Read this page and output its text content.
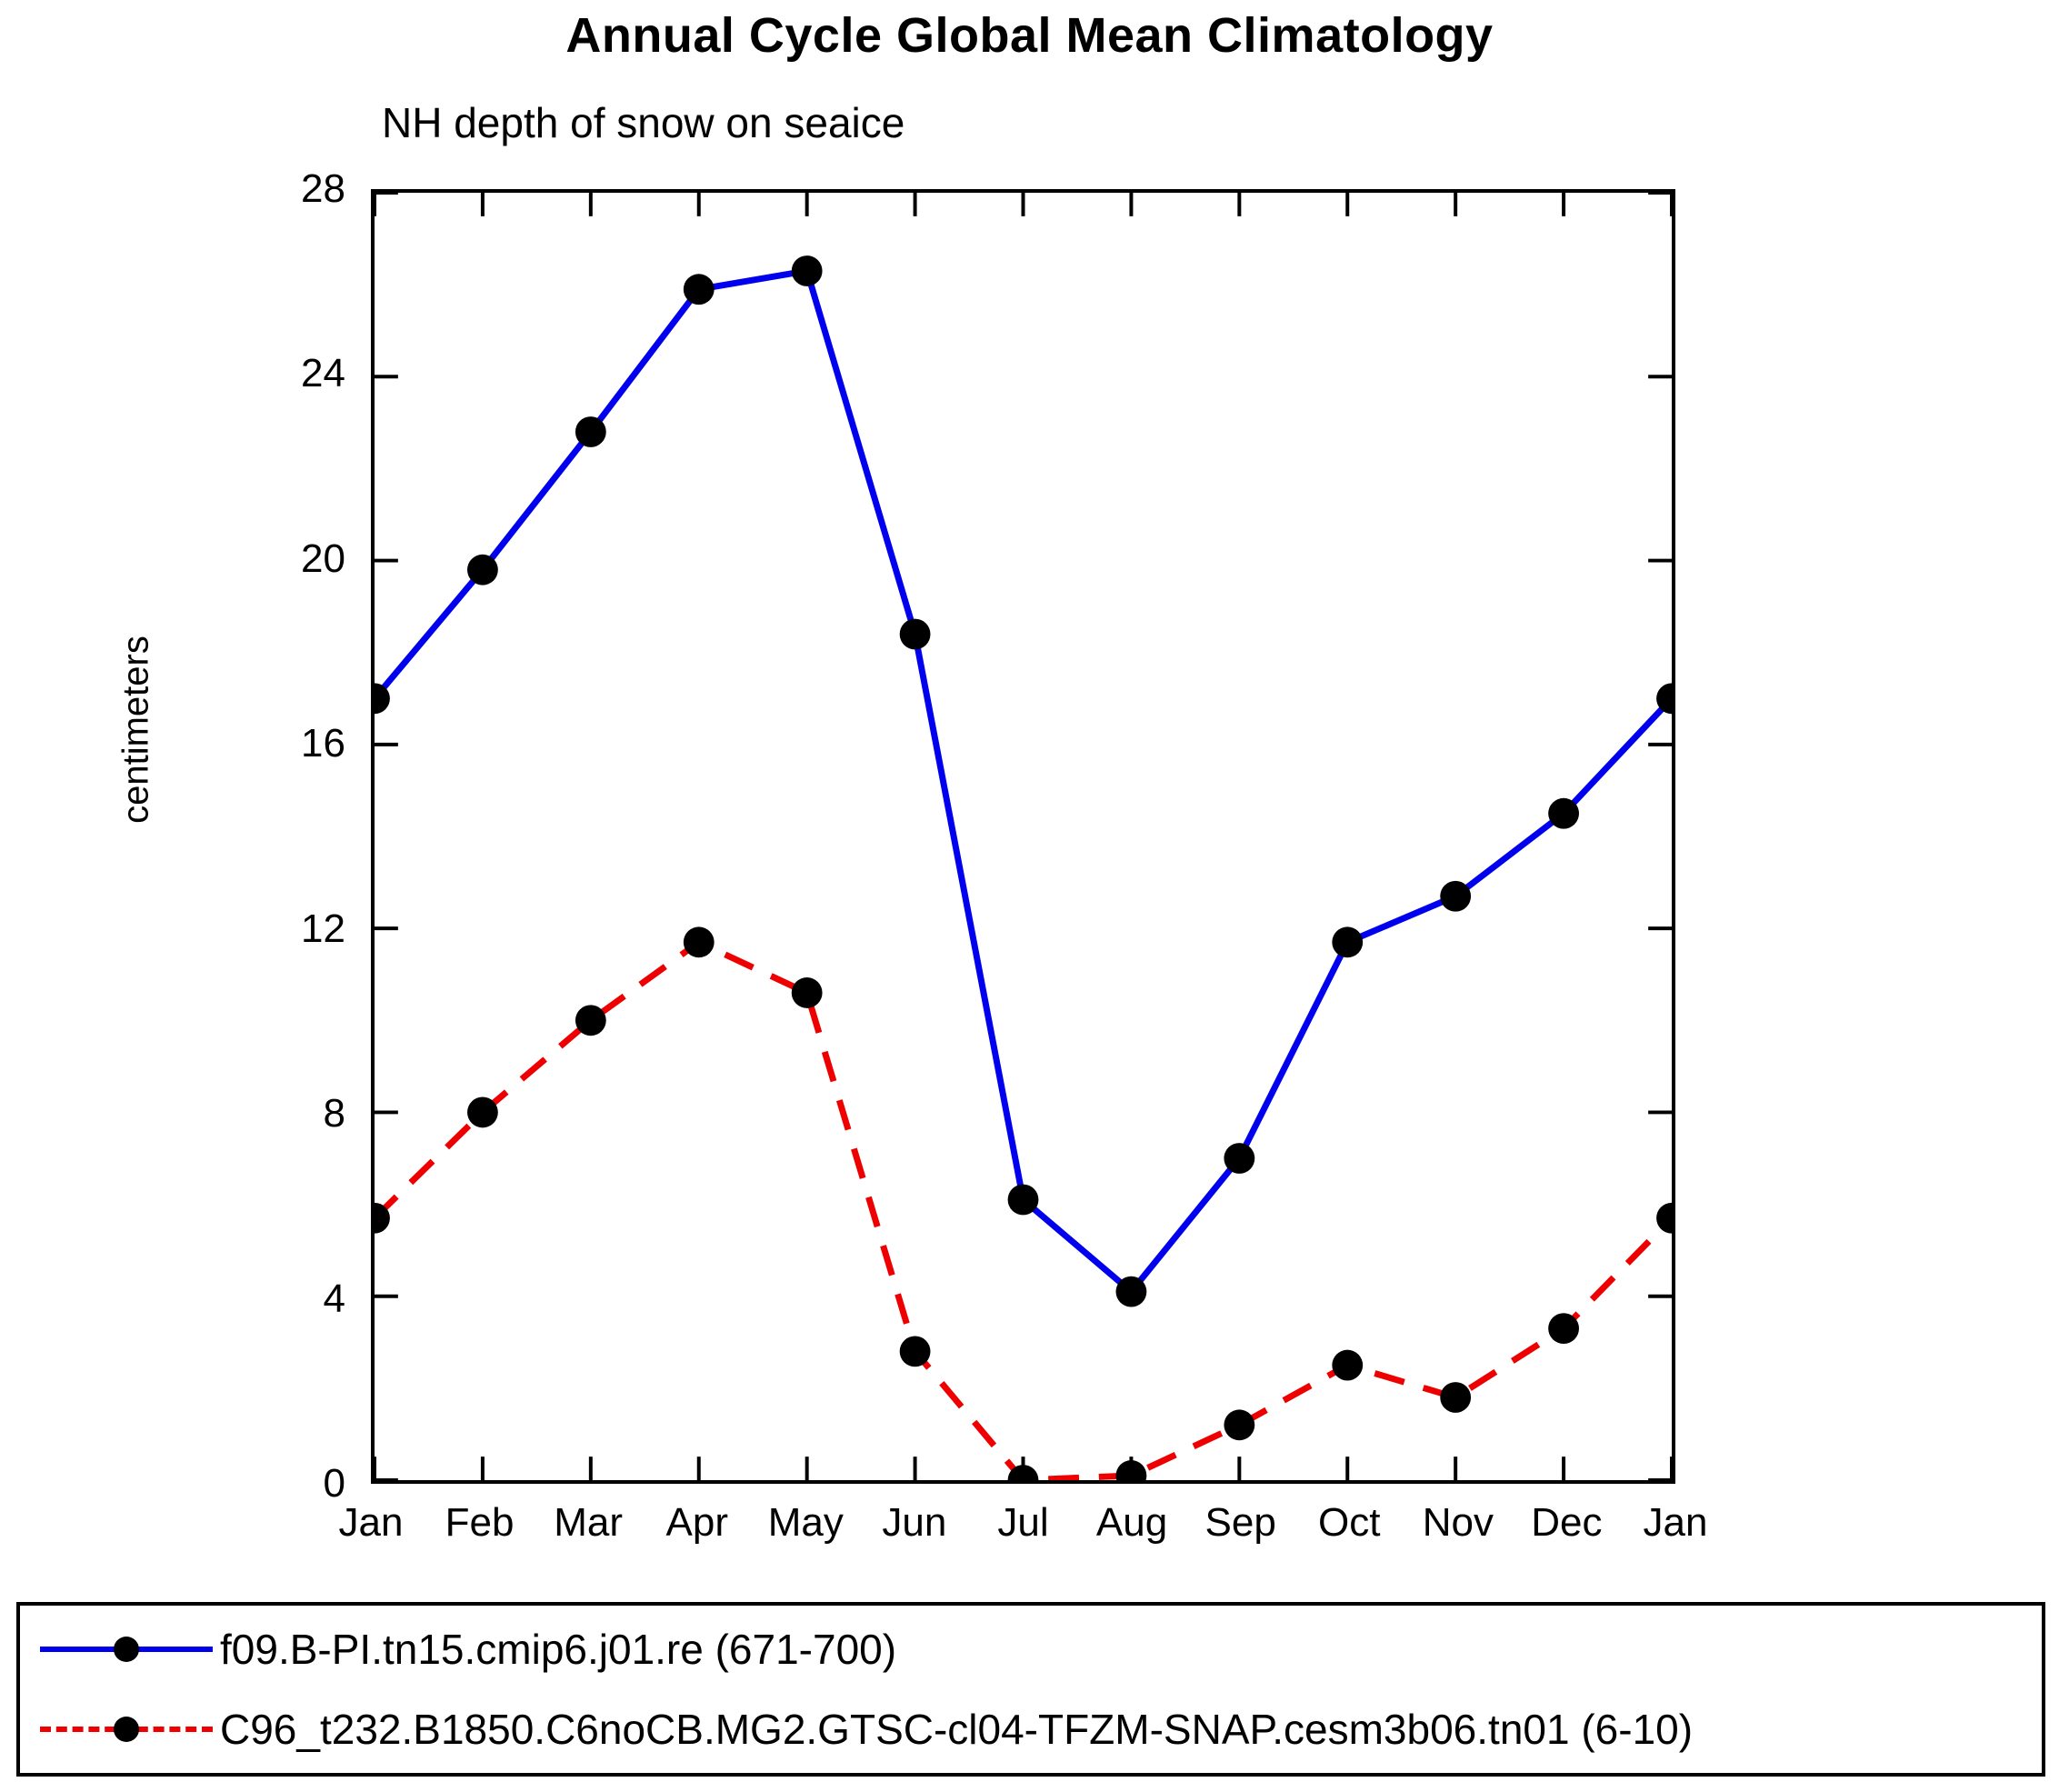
Annual Cycle Global Mean Climatology
NH depth of snow on seaice
centimeters
0
4
8
12
16
20
24
28
Jan Feb Mar Apr May Jun Jul Aug Sep Oct Nov Dec Jan
f09.B-PI.tn15.cmip6.j01.re (671-700)
C96_t232.B1850.C6noCB.MG2.GTSC-cl04-TFZM-SNAP.cesm3b06.tn01 (6-10)
